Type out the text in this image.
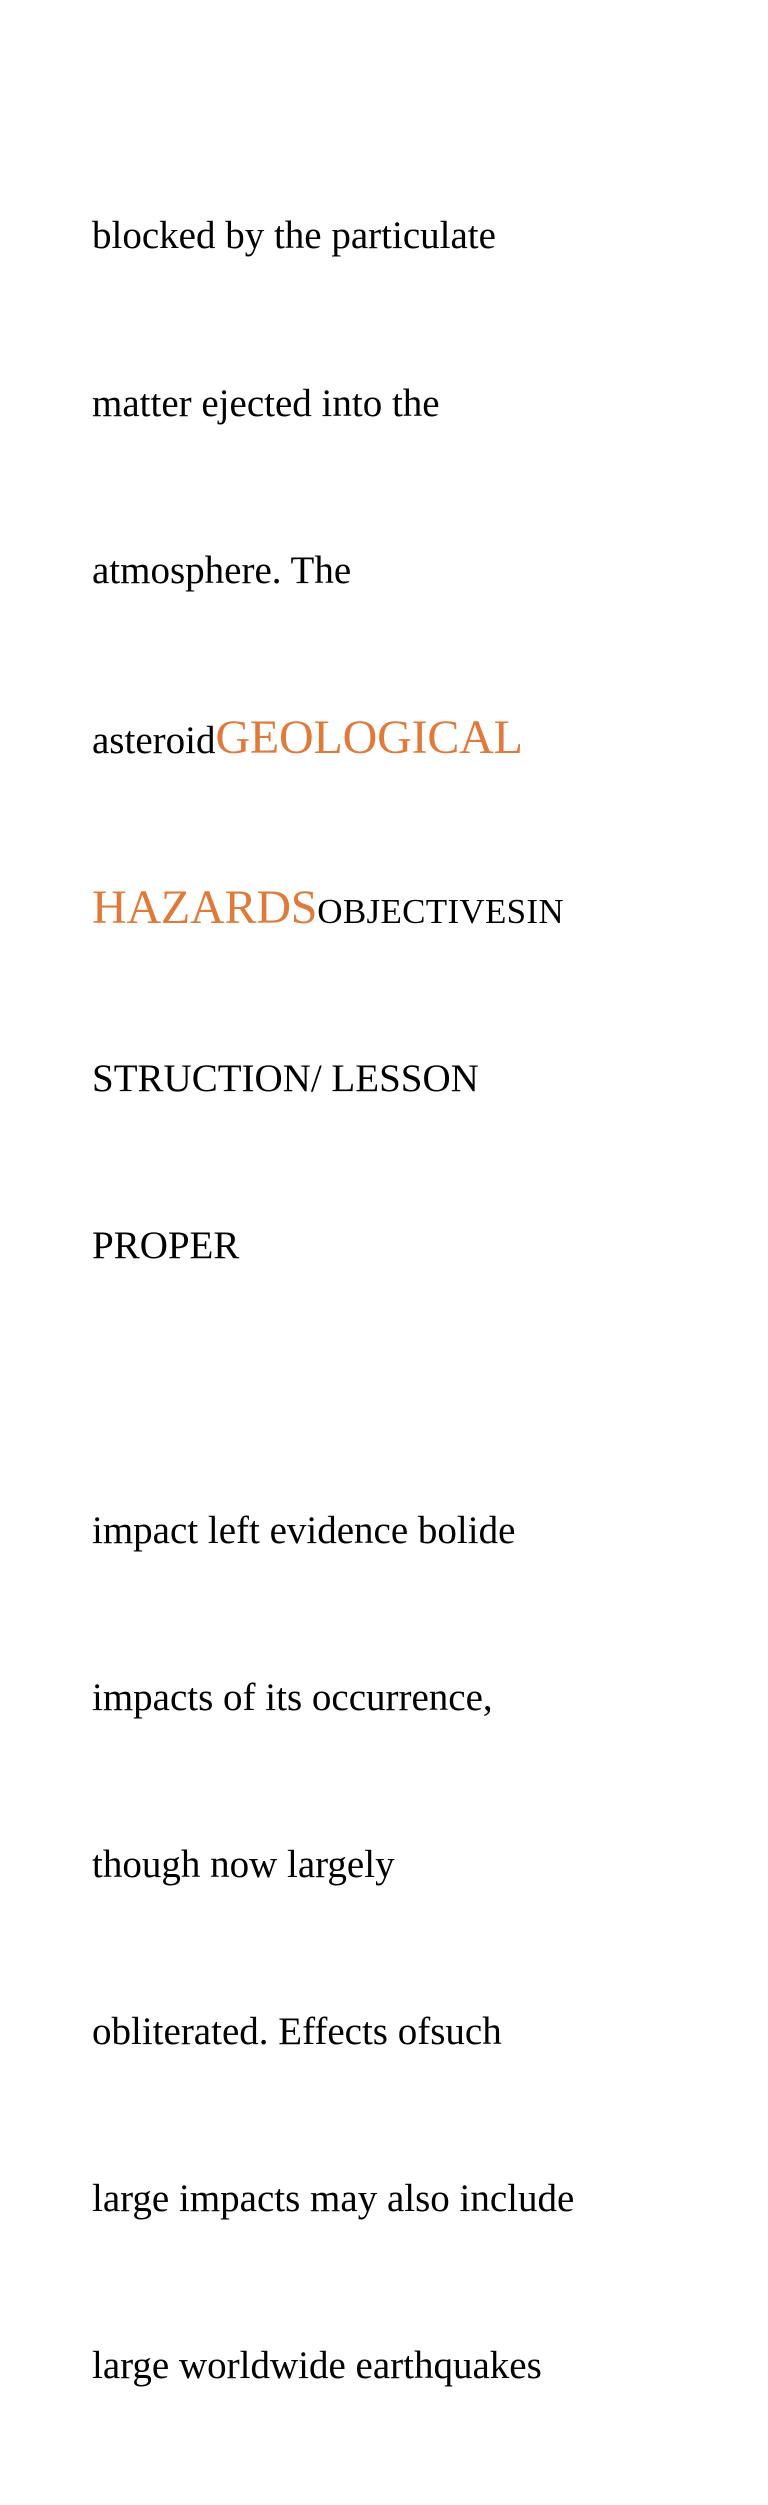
blocked by the particulate

matter ejected into the

atmosphere. The

asteroidGEOLOGICAL

HAZARDSOBJECTIVESIN

STRUCTION/ LESSON

PROPER

impact left evidence bolide

impacts of its occurrence,

though now largely

obliterated. Effects ofsuch

large impacts may also include

large worldwide earthquakes
